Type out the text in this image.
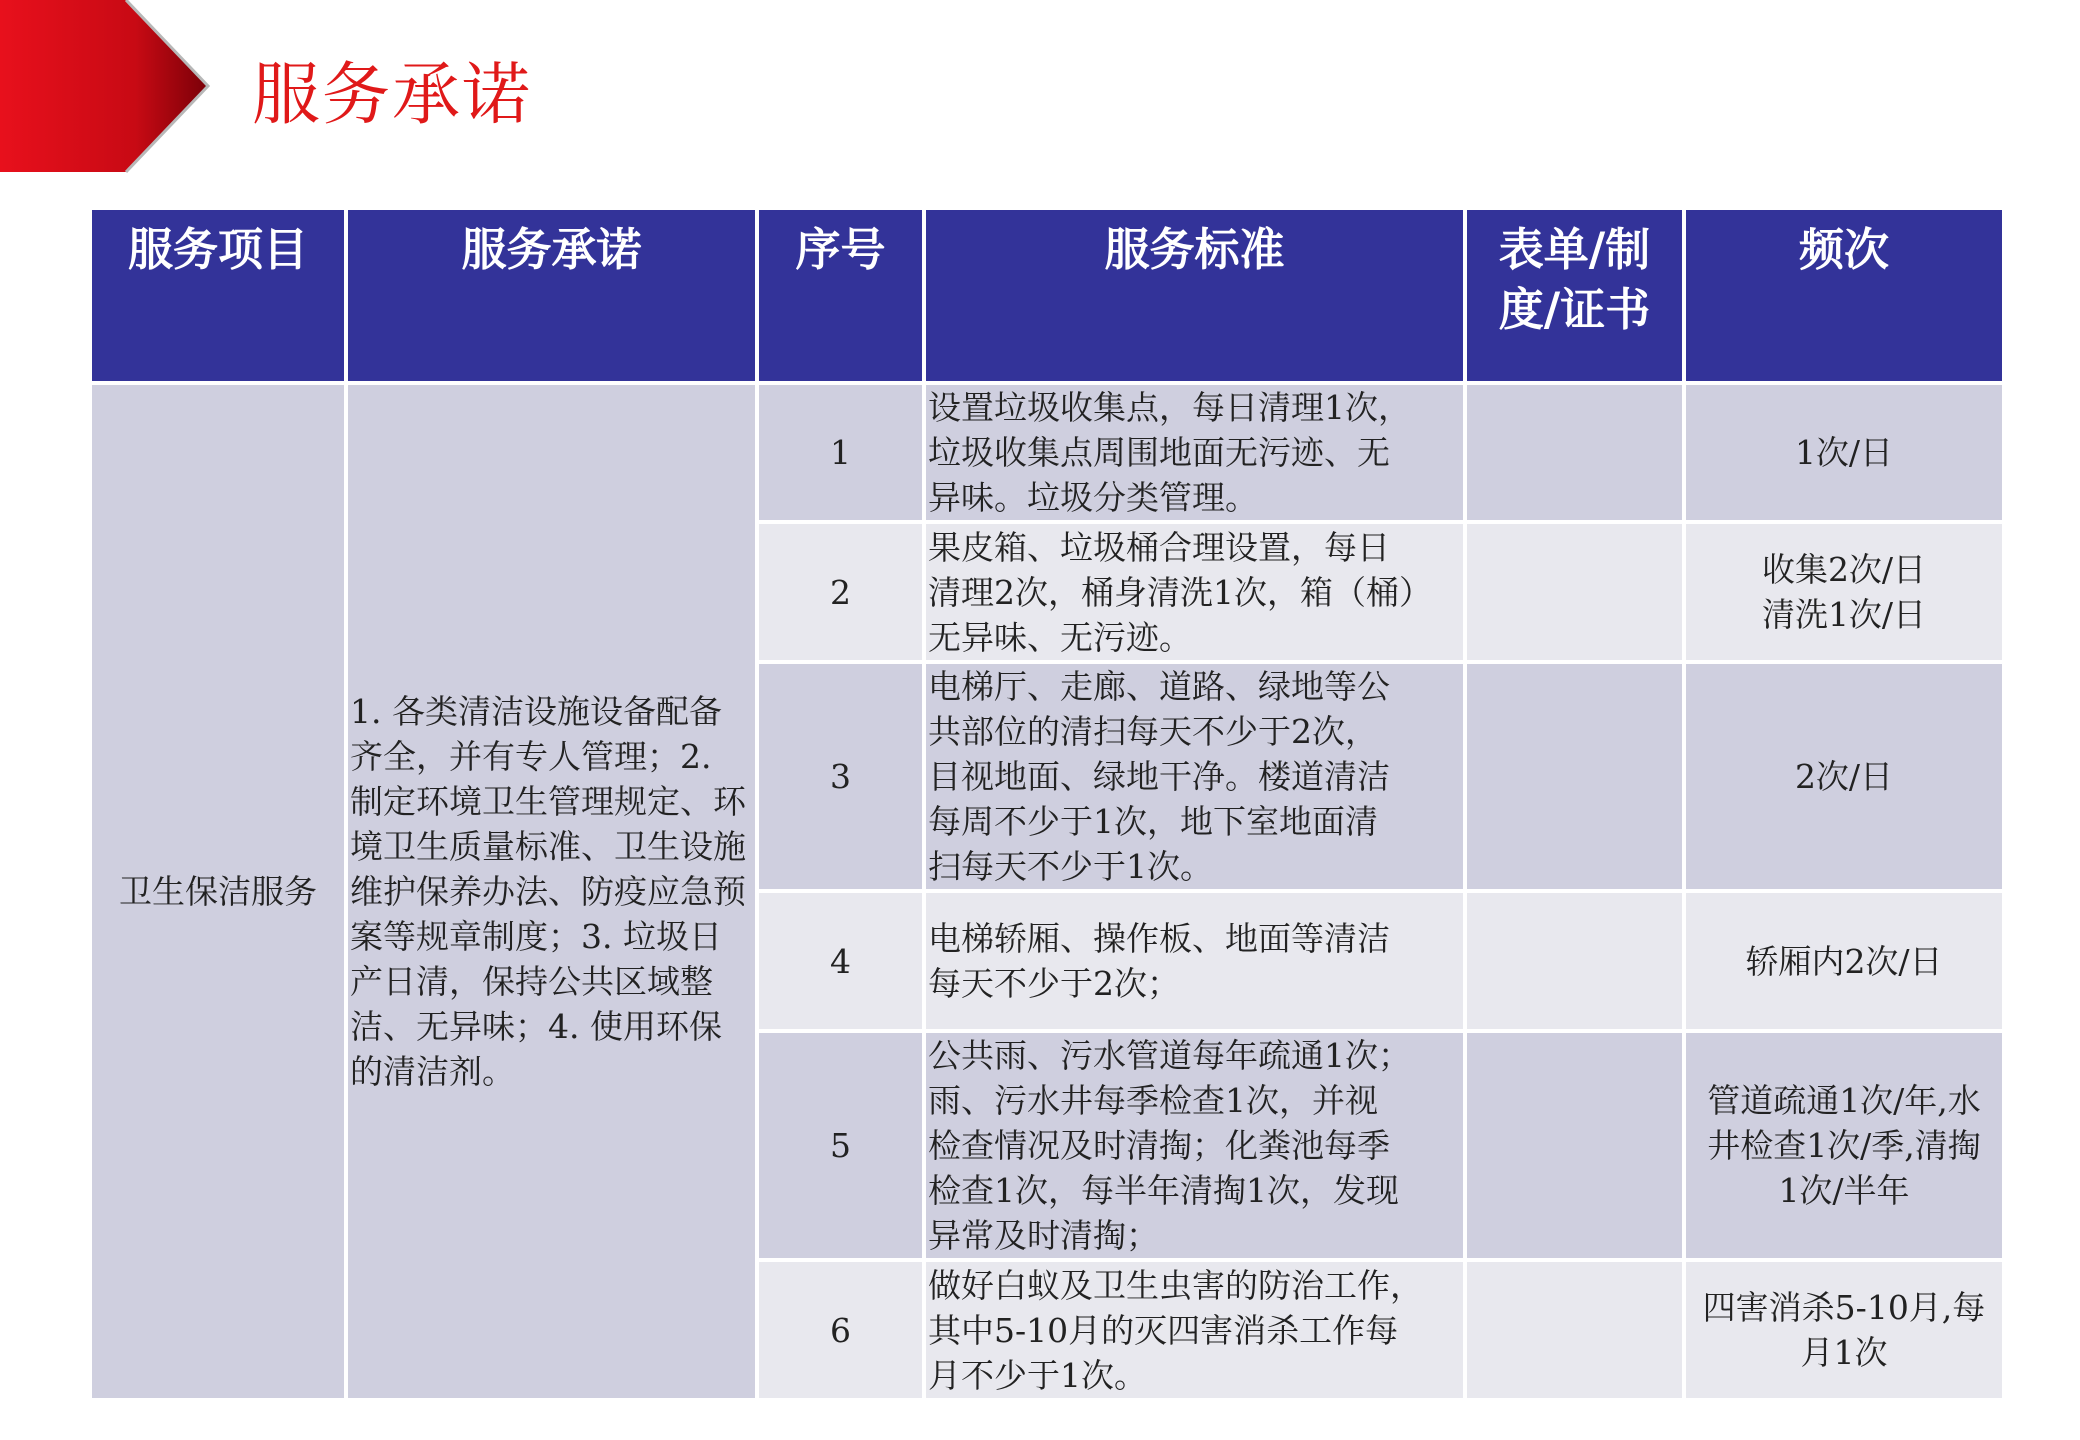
服务承诺
服务项目	服务承诺	序号	服务标准	表单/制
度/证书	频次
卫生保洁服务	1. 各类清洁设施设备配备齐全，并有专人管理；2. 制定环境卫生管理规定、环境卫生质量标准、卫生设施维护保养办法、防疫应急预案等规章制度；3. 垃圾日产日清，保持公共区域整洁、无异味；4. 使用环保的清洁剂。	1	设置垃圾收集点，每日清理1次，
垃圾收集点周围地面无污迹、无
异味。垃圾分类管理。		1次/日

		2	果皮箱、垃圾桶合理设置，每日
清理2次，桶身清洗1次，箱（桶）
无异味、无污迹。		收集2次/日
清洗1次/日

		3	电梯厅、走廊、道路、绿地等公
共部位的清扫每天不少于2次，
目视地面、绿地干净。楼道清洁
每周不少于1次，地下室地面清
扫每天不少于1次。		2次/日

		4	电梯轿厢、操作板、地面等清洁
每天不少于2次；		轿厢内2次/日

		5	公共雨、污水管道每年疏通1次；
雨、污水井每季检查1次，并视
检查情况及时清掏；化粪池每季
检查1次，每半年清掏1次，发现
异常及时清掏；		管道疏通1次/年,水
井检查1次/季,清掏
1次/半年

		6	做好白蚁及卫生虫害的防治工作，
其中5-10月的灭四害消杀工作每
月不少于1次。		四害消杀5-10月,每
月1次
